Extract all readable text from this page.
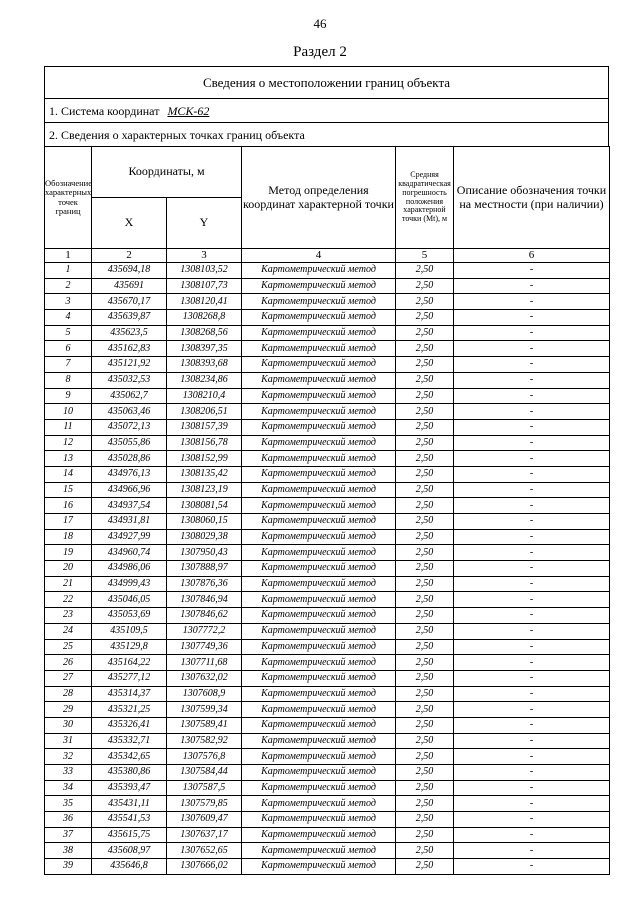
46
Раздел 2
Сведения о местоположении границ объекта
1. Система координат МСК-62
2. Сведения о характерных точках границ объекта
Обозначение характерных точек границ	Координаты, м		Метод определения координат характерной точки	Средняя квадратическая погрешность положения характерной точки (Mt), м	Описание обозначения точки на местности (при наличии)
	X	Y			
1	2	3	4	5	6
1	435694,18	1308103,52	Картометрический метод	2,50	-
2	435691	1308107,73	Картометрический метод	2,50	-
3	435670,17	1308120,41	Картометрический метод	2,50	-
4	435639,87	1308268,8	Картометрический метод	2,50	-
5	435623,5	1308268,56	Картометрический метод	2,50	-
6	435162,83	1308397,35	Картометрический метод	2,50	-
7	435121,92	1308393,68	Картометрический метод	2,50	-
8	435032,53	1308234,86	Картометрический метод	2,50	-
9	435062,7	1308210,4	Картометрический метод	2,50	-
10	435063,46	1308206,51	Картометрический метод	2,50	-
11	435072,13	1308157,39	Картометрический метод	2,50	-
12	435055,86	1308156,78	Картометрический метод	2,50	-
13	435028,86	1308152,99	Картометрический метод	2,50	-
14	434976,13	1308135,42	Картометрический метод	2,50	-
15	434966,96	1308123,19	Картометрический метод	2,50	-
16	434937,54	1308081,54	Картометрический метод	2,50	-
17	434931,81	1308060,15	Картометрический метод	2,50	-
18	434927,99	1308029,38	Картометрический метод	2,50	-
19	434960,74	1307950,43	Картометрический метод	2,50	-
20	434986,06	1307888,97	Картометрический метод	2,50	-
21	434999,43	1307876,36	Картометрический метод	2,50	-
22	435046,05	1307846,94	Картометрический метод	2,50	-
23	435053,69	1307846,62	Картометрический метод	2,50	-
24	435109,5	1307772,2	Картометрический метод	2,50	-
25	435129,8	1307749,36	Картометрический метод	2,50	-
26	435164,22	1307711,68	Картометрический метод	2,50	-
27	435277,12	1307632,02	Картометрический метод	2,50	-
28	435314,37	1307608,9	Картометрический метод	2,50	-
29	435321,25	1307599,34	Картометрический метод	2,50	-
30	435326,41	1307589,41	Картометрический метод	2,50	-
31	435332,71	1307582,92	Картометрический метод	2,50	-
32	435342,65	1307576,8	Картометрический метод	2,50	-
33	435380,86	1307584,44	Картометрический метод	2,50	-
34	435393,47	1307587,5	Картометрический метод	2,50	-
35	435431,11	1307579,85	Картометрический метод	2,50	-
36	435541,53	1307609,47	Картометрический метод	2,50	-
37	435615,75	1307637,17	Картометрический метод	2,50	-
38	435608,97	1307652,65	Картометрический метод	2,50	-
39	435646,8	1307666,02	Картометрический метод	2,50	-
